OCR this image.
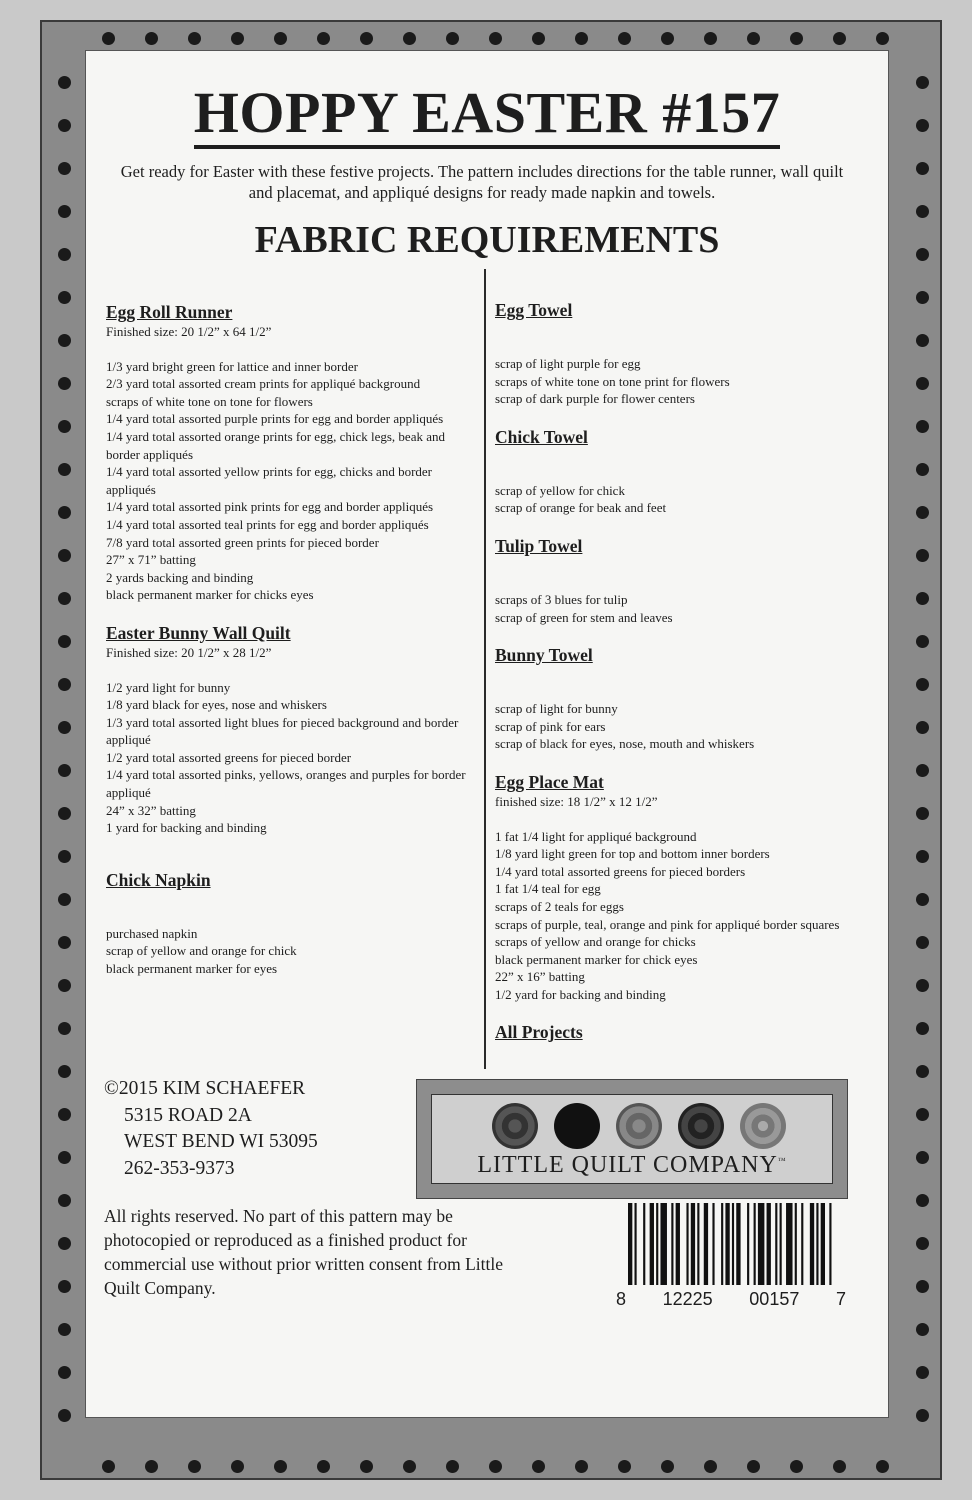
HOPPY EASTER #157
Get ready for Easter with these festive projects. The pattern includes directions for the table runner, wall quilt and placemat, and appliqué designs for ready made napkin and towels.
FABRIC REQUIREMENTS
Egg Roll Runner
Finished size: 20 1/2” x 64 1/2”
1/3 yard bright green for lattice and inner border
2/3 yard total assorted cream prints for appliqué background
scraps of white tone on tone for flowers
1/4 yard total assorted purple prints for egg and border appliqués
1/4 yard total assorted orange prints for egg, chick legs, beak and border appliqués
1/4 yard total assorted yellow prints for egg, chicks and border appliqués
1/4 yard total assorted pink prints for egg and border appliqués
1/4 yard total assorted teal prints for egg and border appliqués
7/8 yard total assorted green prints for pieced border
27” x 71” batting
2 yards backing and binding
black permanent marker for chicks eyes
Easter Bunny Wall Quilt
Finished size: 20 1/2” x 28 1/2”
1/2 yard light for bunny
1/8 yard black for eyes, nose and whiskers
1/3 yard total assorted light blues for pieced background and border appliqué
1/2 yard total assorted greens for pieced border
1/4 yard total assorted pinks, yellows, oranges and purples for border appliqué
24” x 32” batting
1 yard for backing and binding
Chick Napkin
purchased napkin
scrap of yellow and orange for chick
black permanent marker for eyes
Egg Towel
scrap of light purple for egg
scraps of white tone on tone print for flowers
scrap of dark purple for flower centers
Chick Towel
scrap of yellow for chick
scrap of orange for beak and feet
Tulip Towel
scraps of 3 blues for tulip
scrap of green for stem and leaves
Bunny Towel
scrap of light for bunny
scrap of pink for ears
scrap of black for eyes, nose, mouth and whiskers
Egg Place Mat
finished size: 18 1/2” x 12 1/2”
1 fat 1/4 light for appliqué background
1/8 yard light green for top and bottom inner borders
1/4 yard total assorted greens for pieced borders
1 fat 1/4 teal for egg
scraps of 2 teals for eggs
scraps of purple, teal, orange and pink for appliqué border squares
scraps of yellow and orange for chicks
black permanent marker for chick eyes
22” x 16” batting
1/2 yard for backing and binding
All Projects
©2015 KIM SCHAEFER
5315 ROAD 2A
WEST BEND WI 53095
262-353-9373	LITTLE QUILT COMPANY™
All rights reserved. No part of this pattern may be photocopied or reproduced as a finished product for commercial use without prior written consent from Little Quilt Company.
8 12225 00157 7
